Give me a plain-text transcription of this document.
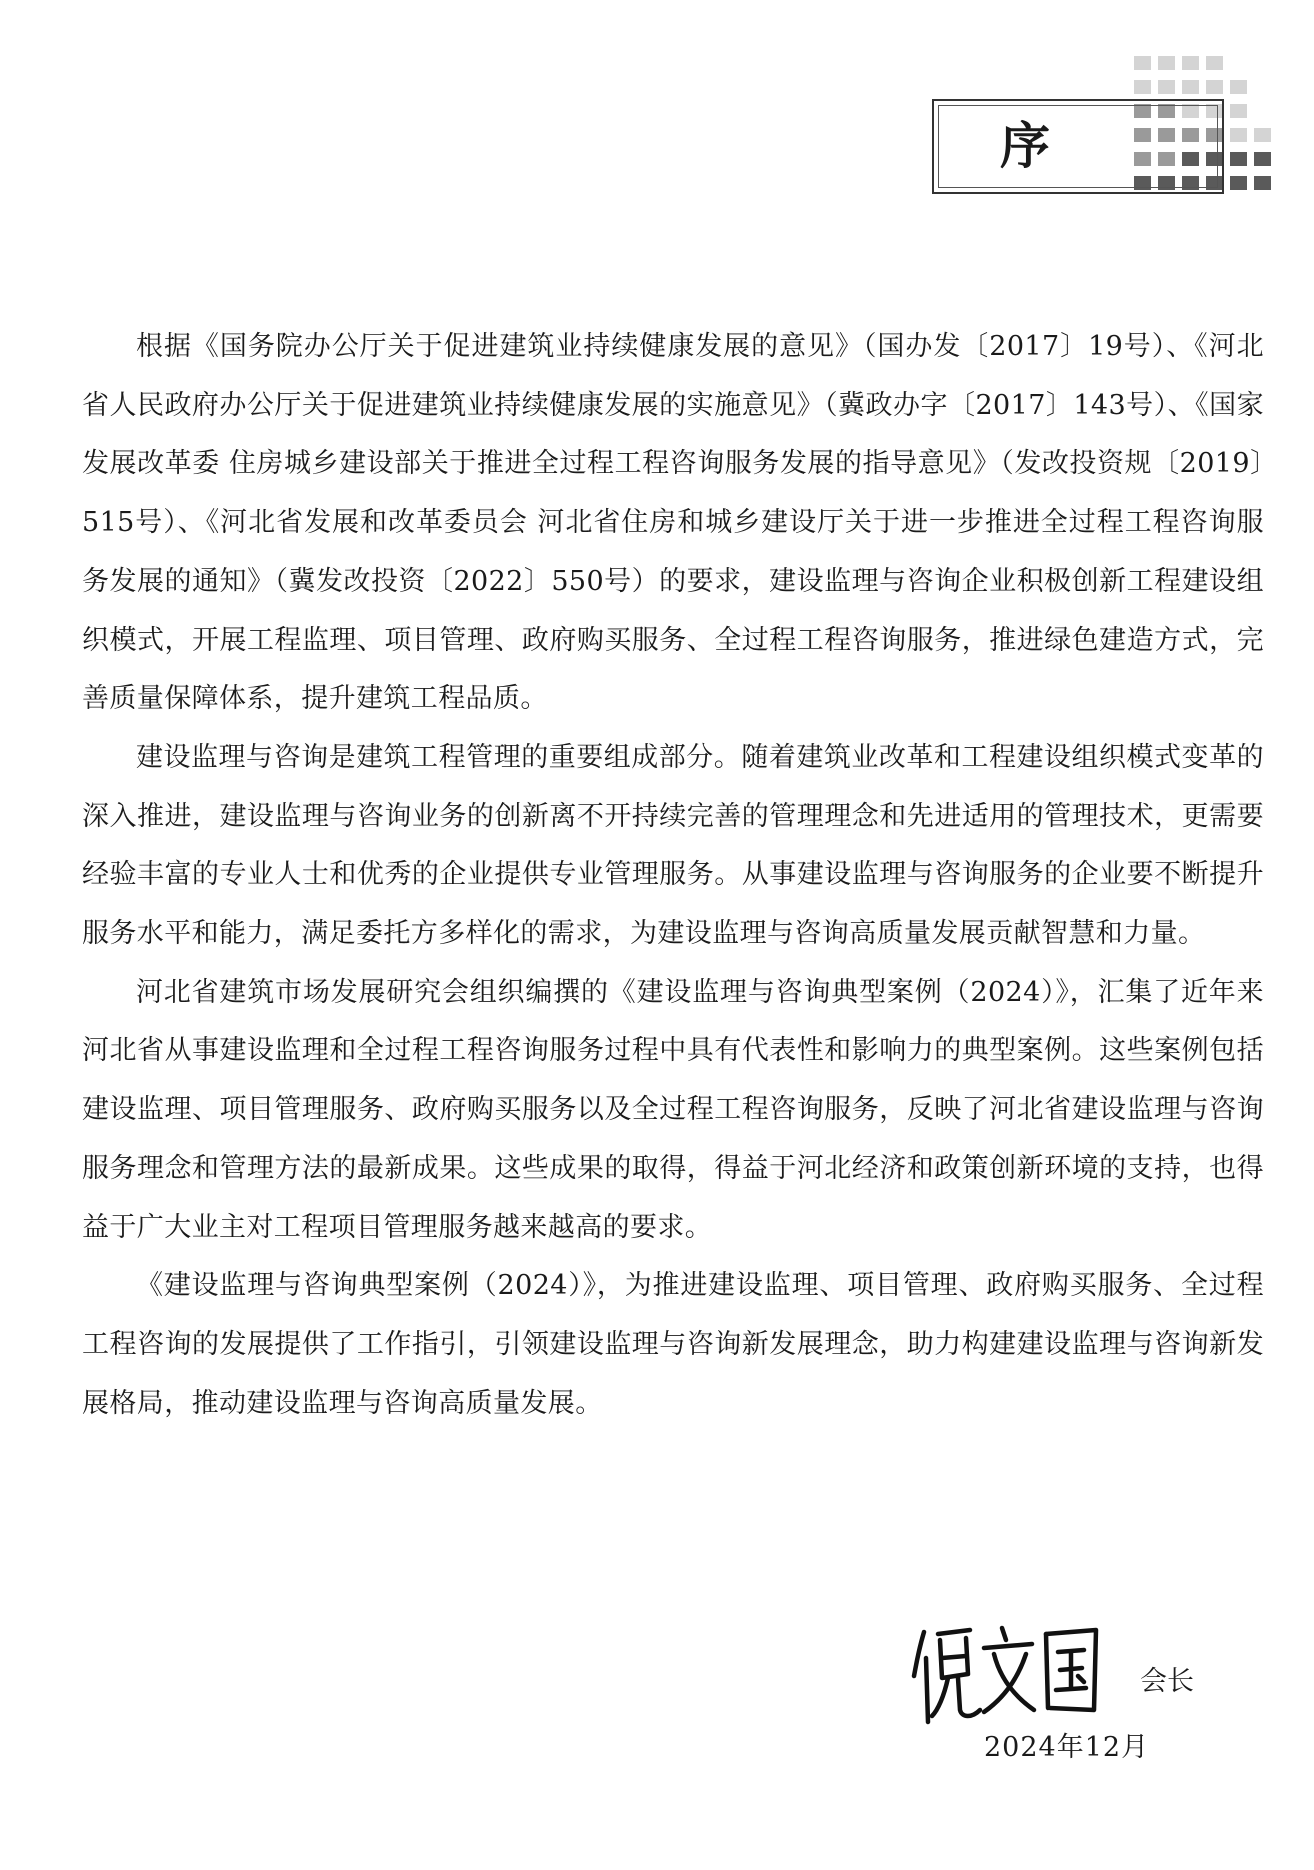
序

根据《国务院办公厅关于促进建筑业持续健康发展的意见》（国办发〔2017〕19号）、《河北省人民政府办公厅关于促进建筑业持续健康发展的实施意见》（冀政办字〔2017〕143号）、《国家发展改革委 住房城乡建设部关于推进全过程工程咨询服务发展的指导意见》（发改投资规〔2019〕515号）、《河北省发展和改革委员会 河北省住房和城乡建设厅关于进一步推进全过程工程咨询服务发展的通知》（冀发改投资〔2022〕550号）的要求，建设监理与咨询企业积极创新工程建设组织模式，开展工程监理、项目管理、政府购买服务、全过程工程咨询服务，推进绿色建造方式，完善质量保障体系，提升建筑工程品质。

建设监理与咨询是建筑工程管理的重要组成部分。随着建筑业改革和工程建设组织模式变革的深入推进，建设监理与咨询业务的创新离不开持续完善的管理理念和先进适用的管理技术，更需要经验丰富的专业人士和优秀的企业提供专业管理服务。从事建设监理与咨询服务的企业要不断提升服务水平和能力，满足委托方多样化的需求，为建设监理与咨询高质量发展贡献智慧和力量。

河北省建筑市场发展研究会组织编撰的《建设监理与咨询典型案例（2024）》，汇集了近年来河北省从事建设监理和全过程工程咨询服务过程中具有代表性和影响力的典型案例。这些案例包括建设监理、项目管理服务、政府购买服务以及全过程工程咨询服务，反映了河北省建设监理与咨询服务理念和管理方法的最新成果。这些成果的取得，得益于河北经济和政策创新环境的支持，也得益于广大业主对工程项目管理服务越来越高的要求。

《建设监理与咨询典型案例（2024）》，为推进建设监理、项目管理、政府购买服务、全过程工程咨询的发展提供了工作指引，引领建设监理与咨询新发展理念，助力构建建设监理与咨询新发展格局，推动建设监理与咨询高质量发展。

会长
2024年12月
